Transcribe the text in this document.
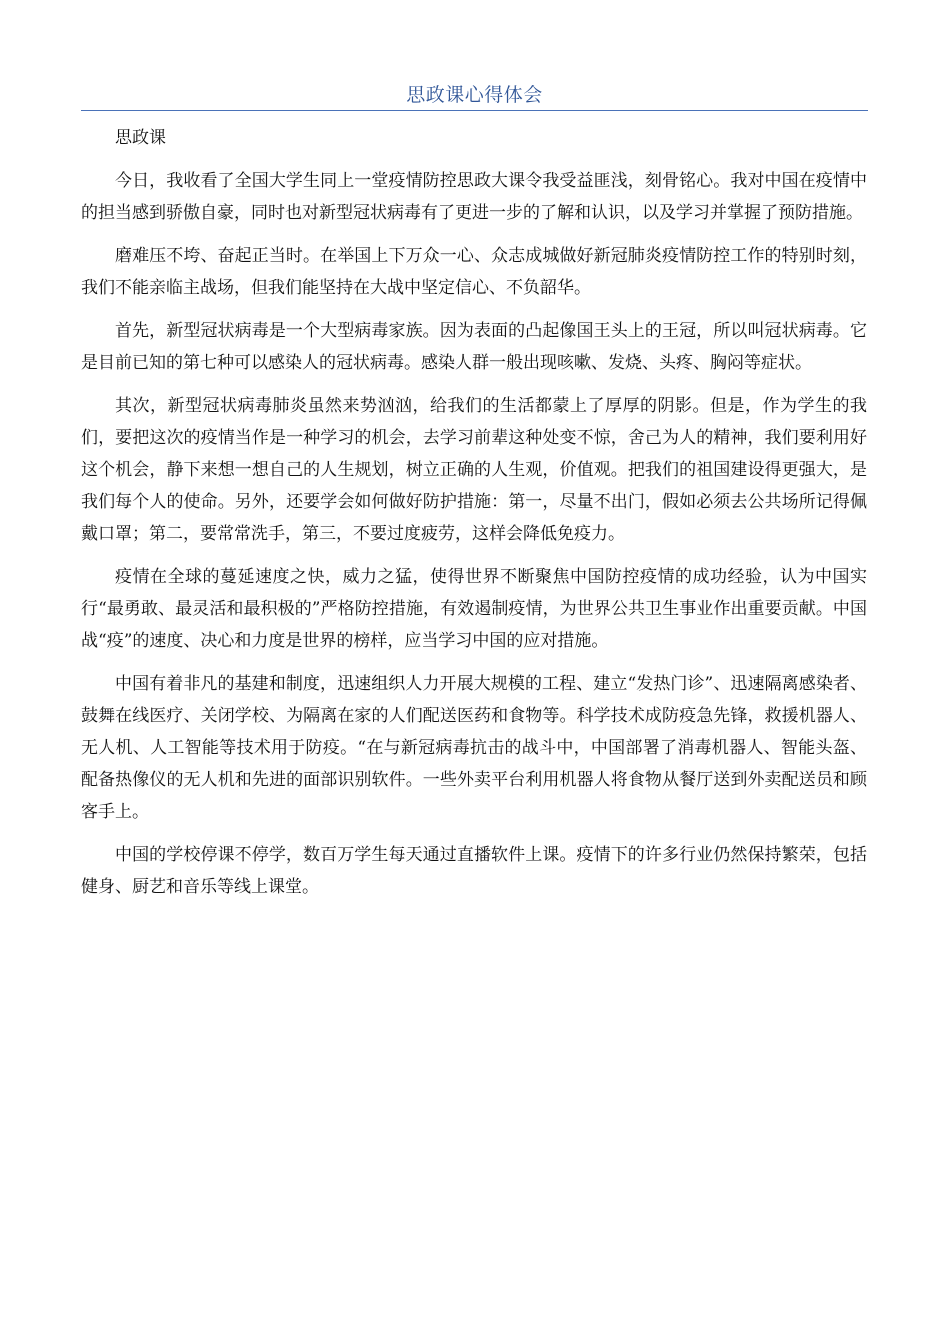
思政课心得体会

思政课

今日，我收看了全国大学生同上一堂疫情防控思政大课令我受益匪浅，刻骨铭心。我对中国在疫情中的担当感到骄傲自豪，同时也对新型冠状病毒有了更进一步的了解和认识，以及学习并掌握了预防措施。

磨难压不垮、奋起正当时。在举国上下万众一心、众志成城做好新冠肺炎疫情防控工作的特别时刻，我们不能亲临主战场，但我们能坚持在大战中坚定信心、不负韶华。

首先，新型冠状病毒是一个大型病毒家族。因为表面的凸起像国王头上的王冠，所以叫冠状病毒。它是目前已知的第七种可以感染人的冠状病毒。感染人群一般出现咳嗽、发烧、头疼、胸闷等症状。

其次，新型冠状病毒肺炎虽然来势汹汹，给我们的生活都蒙上了厚厚的阴影。但是，作为学生的我们，要把这次的疫情当作是一种学习的机会，去学习前辈这种处变不惊，舍己为人的精神，我们要利用好这个机会，静下来想一想自己的人生规划，树立正确的人生观，价值观。把我们的祖国建设得更强大，是我们每个人的使命。另外，还要学会如何做好防护措施：第一，尽量不出门，假如必须去公共场所记得佩戴口罩；第二，要常常洗手，第三，不要过度疲劳，这样会降低免疫力。

疫情在全球的蔓延速度之快，威力之猛，使得世界不断聚焦中国防控疫情的成功经验，认为中国实行“最勇敢、最灵活和最积极的”严格防控措施，有效遏制疫情，为世界公共卫生事业作出重要贡献。中国战“疫”的速度、决心和力度是世界的榜样，应当学习中国的应对措施。

中国有着非凡的基建和制度，迅速组织人力开展大规模的工程、建立“发热门诊”、迅速隔离感染者、鼓舞在线医疗、关闭学校、为隔离在家的人们配送医药和食物等。科学技术成防疫急先锋，救援机器人、无人机、人工智能等技术用于防疫。“在与新冠病毒抗击的战斗中，中国部署了消毒机器人、智能头盔、配备热像仪的无人机和先进的面部识别软件。一些外卖平台利用机器人将食物从餐厅送到外卖配送员和顾客手上。

中国的学校停课不停学，数百万学生每天通过直播软件上课。疫情下的许多行业仍然保持繁荣，包括健身、厨艺和音乐等线上课堂。
